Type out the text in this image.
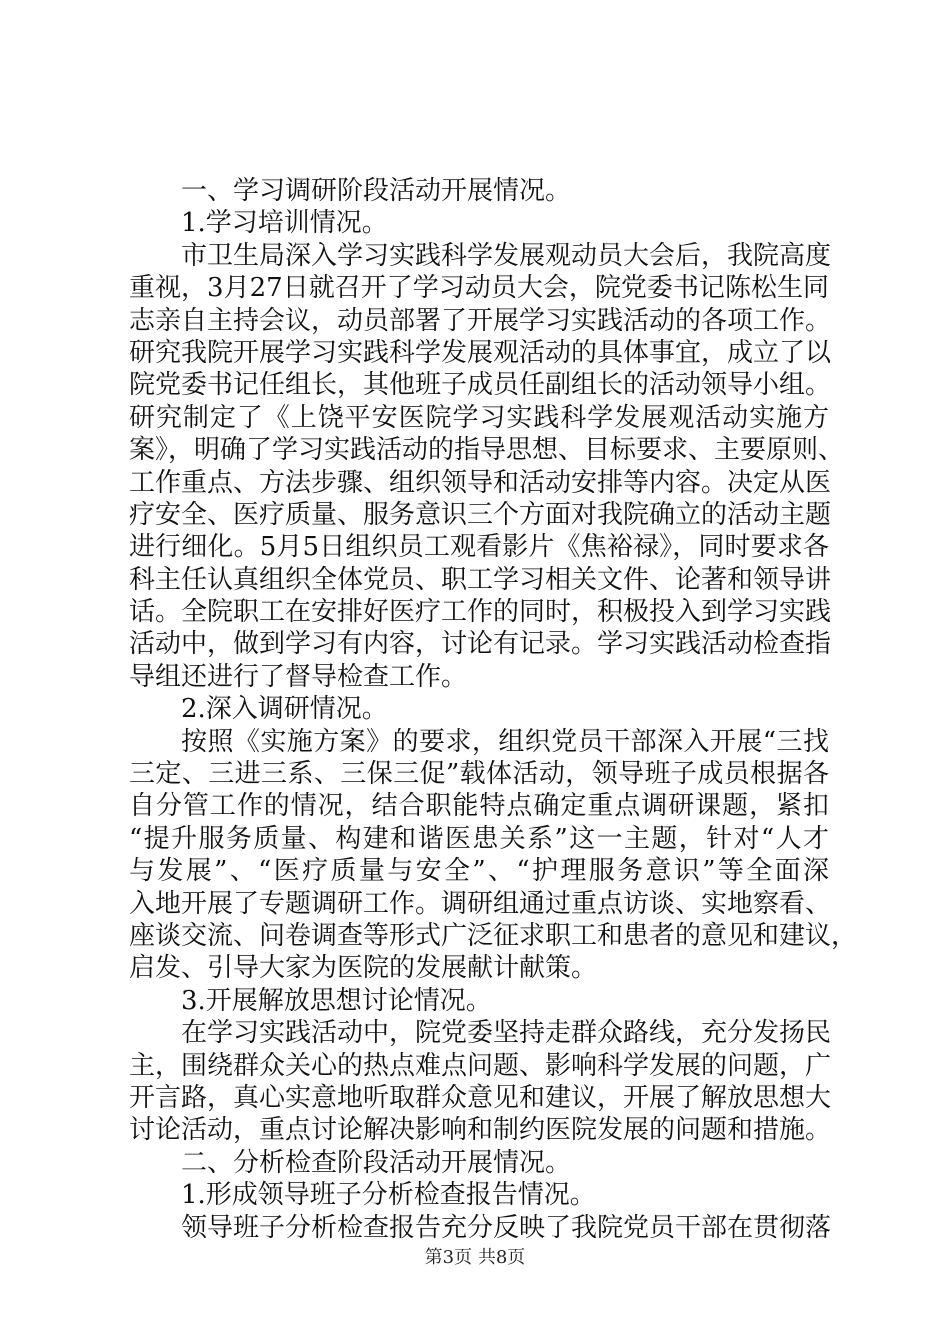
一、学习调研阶段活动开展情况。
1.学习培训情况。
市卫生局深入学习实践科学发展观动员大会后，我院高度
重视，3月27日就召开了学习动员大会，院党委书记陈松生同
志亲自主持会议，动员部署了开展学习实践活动的各项工作。
研究我院开展学习实践科学发展观活动的具体事宜，成立了以
院党委书记任组长，其他班子成员任副组长的活动领导小组。
研究制定了《上饶平安医院学习实践科学发展观活动实施方
案》，明确了学习实践活动的指导思想、目标要求、主要原则、
工作重点、方法步骤、组织领导和活动安排等内容。决定从医
疗安全、医疗质量、服务意识三个方面对我院确立的活动主题
进行细化。5月5日组织员工观看影片《焦裕禄》，同时要求各
科主任认真组织全体党员、职工学习相关文件、论著和领导讲
话。全院职工在安排好医疗工作的同时，积极投入到学习实践
活动中，做到学习有内容，讨论有记录。学习实践活动检查指
导组还进行了督导检查工作。
2.深入调研情况。
按照《实施方案》的要求，组织党员干部深入开展“三找
三定、三进三系、三保三促”载体活动，领导班子成员根据各
自分管工作的情况，结合职能特点确定重点调研课题，紧扣
“提升服务质量、构建和谐医患关系”这一主题，针对“人才
与发展”、“医疗质量与安全”、“护理服务意识”等全面深
入地开展了专题调研工作。调研组通过重点访谈、实地察看、
座谈交流、问卷调查等形式广泛征求职工和患者的意见和建议，
启发、引导大家为医院的发展献计献策。
3.开展解放思想讨论情况。
在学习实践活动中，院党委坚持走群众路线，充分发扬民
主，围绕群众关心的热点难点问题、影响科学发展的问题，广
开言路，真心实意地听取群众意见和建议，开展了解放思想大
讨论活动，重点讨论解决影响和制约医院发展的问题和措施。
二、分析检查阶段活动开展情况。
1.形成领导班子分析检查报告情况。
领导班子分析检查报告充分反映了我院党员干部在贯彻落
第3页 共8页
